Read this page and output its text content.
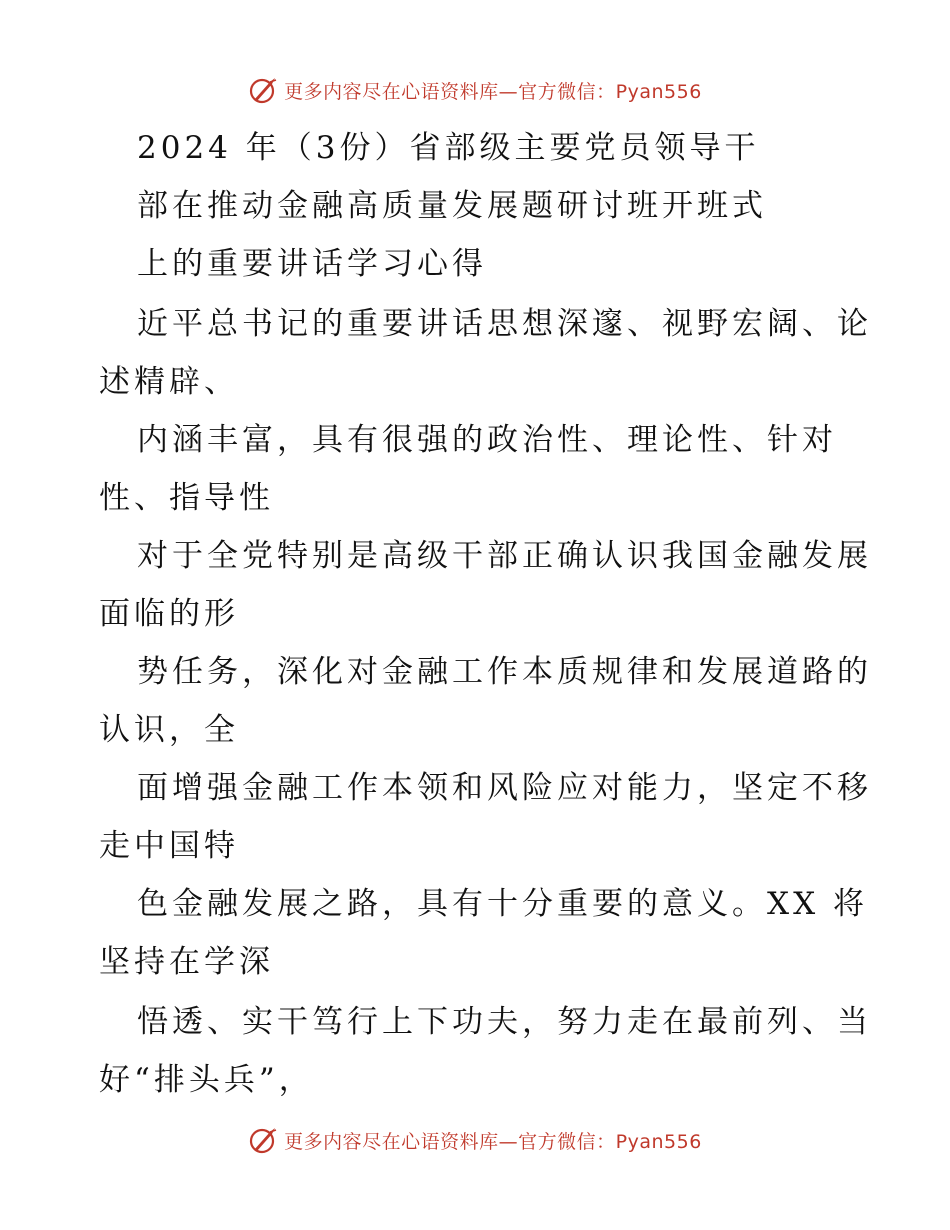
更多内容尽在心语资料库—官方微信：Pyan556
2024 年（3份）省部级主要党员领导干
部在推动金融高质量发展题研讨班开班式
上的重要讲话学习心得
近平总书记的重要讲话思想深邃、视野宏阔、论
述精辟、
内涵丰富，具有很强的政治性、理论性、针对
性、指导性
对于全党特别是高级干部正确认识我国金融发展
面临的形
势任务，深化对金融工作本质规律和发展道路的
认识，全
面增强金融工作本领和风险应对能力，坚定不移
走中国特
色金融发展之路，具有十分重要的意义。XX 将
坚持在学深
悟透、实干笃行上下功夫，努力走在最前列、当
好“排头兵”，
更多内容尽在心语资料库—官方微信：Pyan556
